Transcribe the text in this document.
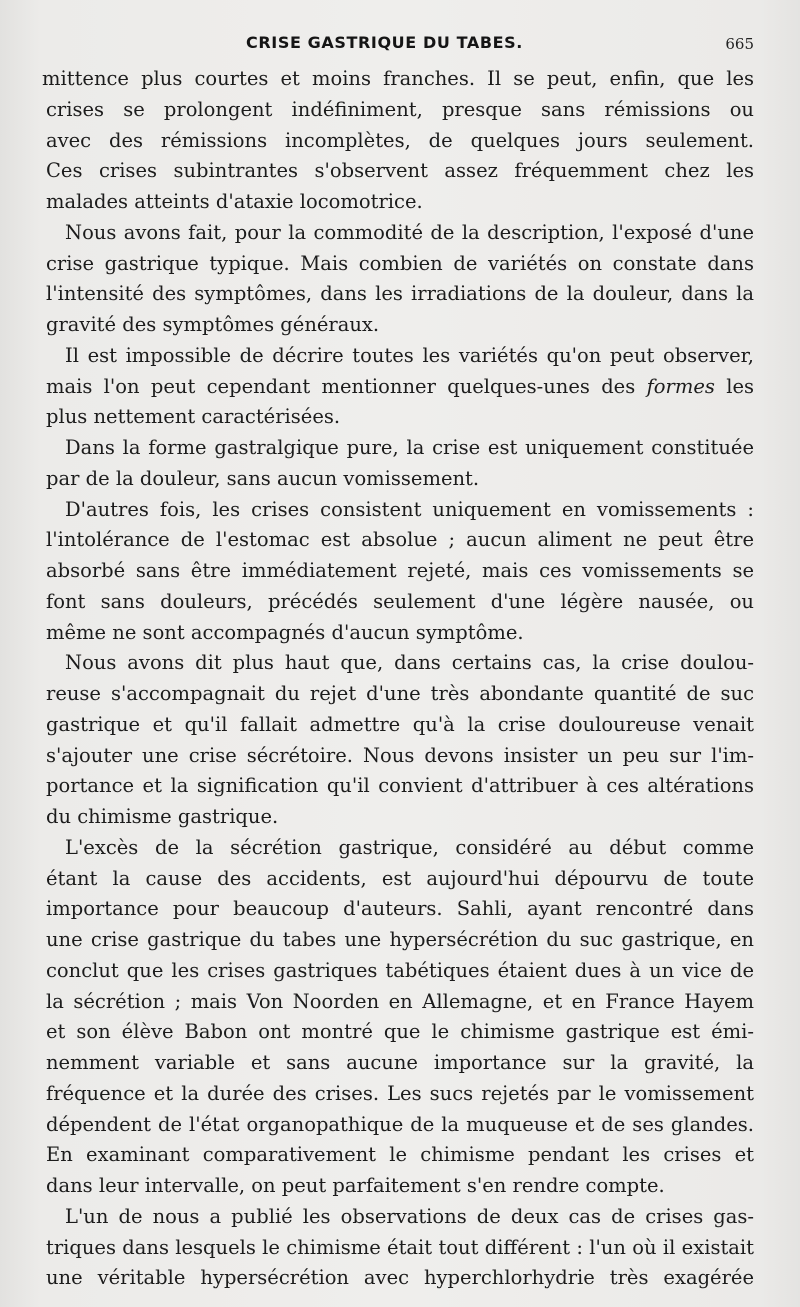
CRISE GASTRIQUE DU TABES.	665
mittence plus courtes et moins franches. Il se peut, enfin, que les
crises se prolongent indéfiniment, presque sans rémissions ou
avec des rémissions incomplètes, de quelques jours seulement.
Ces crises subintrantes s'observent assez fréquemment chez les
malades atteints d'ataxie locomotrice.
Nous avons fait, pour la commodité de la description, l'exposé d'une
crise gastrique typique. Mais combien de variétés on constate dans
l'intensité des symptômes, dans les irradiations de la douleur, dans la
gravité des symptômes généraux.
Il est impossible de décrire toutes les variétés qu'on peut observer,
mais l'on peut cependant mentionner quelques-unes des formes les
plus nettement caractérisées.
Dans la forme gastralgique pure, la crise est uniquement constituée
par de la douleur, sans aucun vomissement.
D'autres fois, les crises consistent uniquement en vomissements :
l'intolérance de l'estomac est absolue ; aucun aliment ne peut être
absorbé sans être immédiatement rejeté, mais ces vomissements se
font sans douleurs, précédés seulement d'une légère nausée, ou
même ne sont accompagnés d'aucun symptôme.
Nous avons dit plus haut que, dans certains cas, la crise doulou-
reuse s'accompagnait du rejet d'une très abondante quantité de suc
gastrique et qu'il fallait admettre qu'à la crise douloureuse venait
s'ajouter une crise sécrétoire. Nous devons insister un peu sur l'im-
portance et la signification qu'il convient d'attribuer à ces altérations
du chimisme gastrique.
L'excès de la sécrétion gastrique, considéré au début comme
étant la cause des accidents, est aujourd'hui dépourvu de toute
importance pour beaucoup d'auteurs. Sahli, ayant rencontré dans
une crise gastrique du tabes une hypersécrétion du suc gastrique, en
conclut que les crises gastriques tabétiques étaient dues à un vice de
la sécrétion ; mais Von Noorden en Allemagne, et en France Hayem
et son élève Babon ont montré que le chimisme gastrique est émi-
nemment variable et sans aucune importance sur la gravité, la
fréquence et la durée des crises. Les sucs rejetés par le vomissement
dépendent de l'état organopathique de la muqueuse et de ses glandes.
En examinant comparativement le chimisme pendant les crises et
dans leur intervalle, on peut parfaitement s'en rendre compte.
L'un de nous a publié les observations de deux cas de crises gas-
triques dans lesquels le chimisme était tout différent : l'un où il existait
une véritable hypersécrétion avec hyperchlorhydrie très exagérée
